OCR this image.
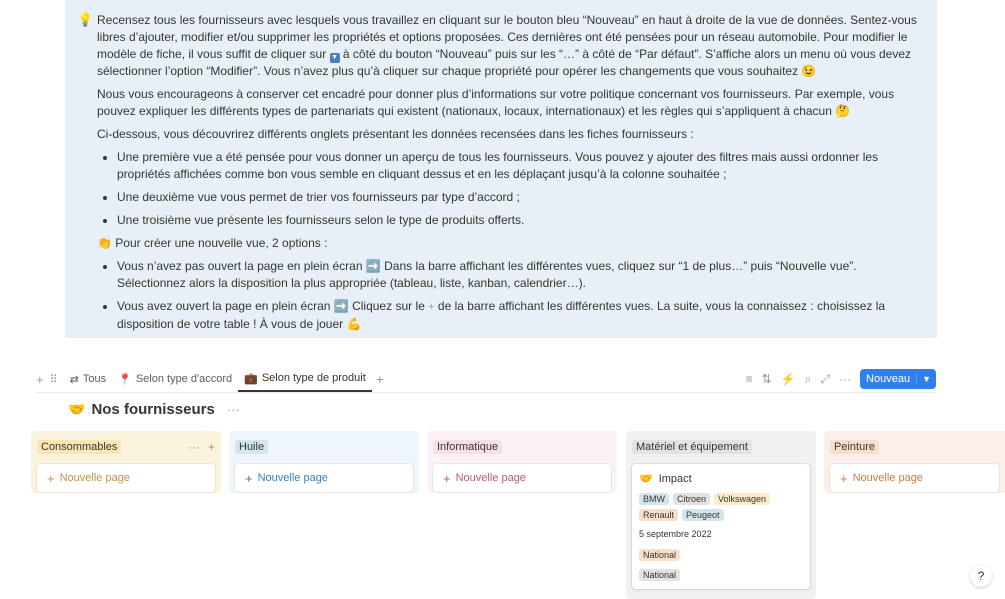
💡 Recensez tous les fournisseurs avec lesquels vous travaillez en cliquant sur le bouton bleu “Nouveau” en haut à droite de la vue de données. Sentez-vous libres d’ajouter, modifier et/ou supprimer les propriétés et options proposées. Ces dernières ont été pensées pour un réseau automobile. Pour modifier le modèle de fiche, il vous suffit de cliquer sur ▼ à côté du bouton “Nouveau” puis sur les “…” à côté de “Par défaut”. S’affiche alors un menu où vous devez sélectionner l’option “Modifier”. Vous n’avez plus qu’à cliquer sur chaque propriété pour opérer les changements que vous souhaitez 😉

Nous vous encourageons à conserver cet encadré pour donner plus d’informations sur votre politique concernant vos fournisseurs. Par exemple, vous pouvez expliquer les différents types de partenariats qui existent (nationaux, locaux, internationaux) et les règles qui s’appliquent à chacun 🤔

Ci-dessous, vous découvrirez différents onglets présentant les données recensées dans les fiches fournisseurs :

• Une première vue a été pensée pour vous donner un aperçu de tous les fournisseurs. Vous pouvez y ajouter des filtres mais aussi ordonner les propriétés affichées comme bon vous semble en cliquant dessus et en les déplaçant jusqu’à la colonne souhaitée ;
• Une deuxième vue vous permet de trier vos fournisseurs par type d’accord ;
• Une troisième vue présente les fournisseurs selon le type de produits offerts.

👏 Pour créer une nouvelle vue, 2 options :

• Vous n’avez pas ouvert la page en plein écran ➡️ Dans la barre affichant les différentes vues, cliquez sur “1 de plus…” puis “Nouvelle vue”. Sélectionnez alors la disposition la plus appropriée (tableau, liste, kanban, calendrier…).
• Vous avez ouvert la page en plein écran ➡️ Cliquez sur le + de la barre affichant les différentes vues. La suite, vous la connaissez : choisissez la disposition de votre table ! À vous de jouer 💪
+ ⠿ ⇄ Tous 📍 Selon type d'accord 💼 Selon type de produit +	≡ ⇅ ⚡ ⌕ ⤢ ···	Nouveau	▼
🤝 Nos fournisseurs ···
Consommables	··· +
+ Nouvelle page
Huile
+ Nouvelle page
Informatique
+ Nouvelle page
Matériel et équipement
🤝 Impact
BMW	Citroen	Volkswagen
Renault	Peugeot
5 septembre 2022
National
National
Peinture
+ Nouvelle page
?
